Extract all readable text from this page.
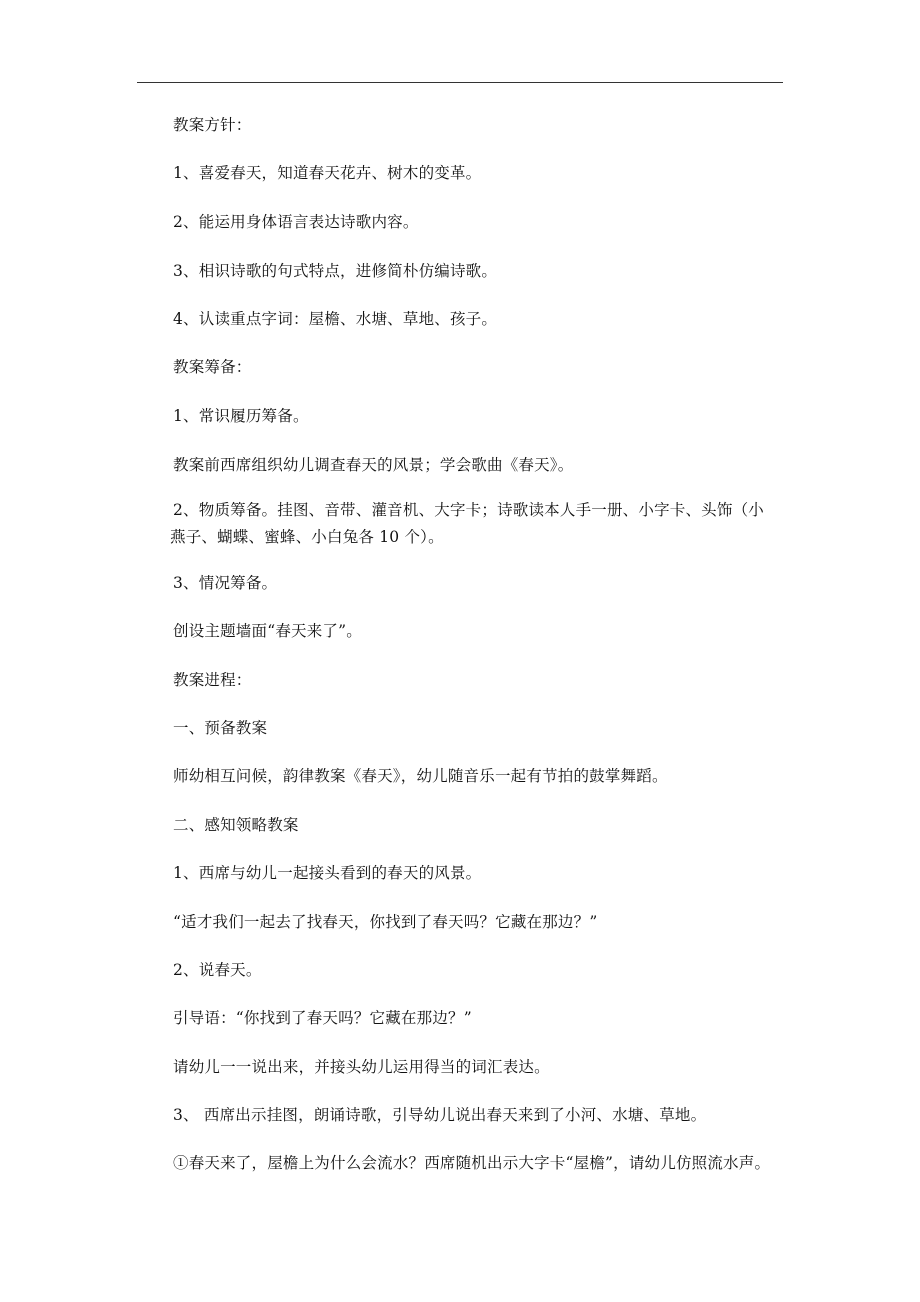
教案方针：
1、喜爱春天，知道春天花卉、树木的变革。
2、能运用身体语言表达诗歌内容。
3、相识诗歌的句式特点，进修简朴仿编诗歌。
4、认读重点字词：屋檐、水塘、草地、孩子。
教案筹备：
1、常识履历筹备。
教案前西席组织幼儿调查春天的风景；学会歌曲《春天》。
2、物质筹备。挂图、音带、灌音机、大字卡；诗歌读本人手一册、小字卡、头饰（小
燕子、蝴蝶、蜜蜂、小白兔各 10 个）。
3、情况筹备。
创设主题墙面“春天来了”。
教案进程：
一、预备教案
师幼相互问候，韵律教案《春天》，幼儿随音乐一起有节拍的鼓掌舞蹈。
二、感知领略教案
1、西席与幼儿一起接头看到的春天的风景。
“适才我们一起去了找春天，你找到了春天吗？它藏在那边？”
2、说春天。
引导语：“你找到了春天吗？它藏在那边？”
请幼儿一一说出来，并接头幼儿运用得当的词汇表达。
3、 西席出示挂图，朗诵诗歌，引导幼儿说出春天来到了小河、水塘、草地。
①春天来了，屋檐上为什么会流水？西席随机出示大字卡“屋檐”，请幼儿仿照流水声。
